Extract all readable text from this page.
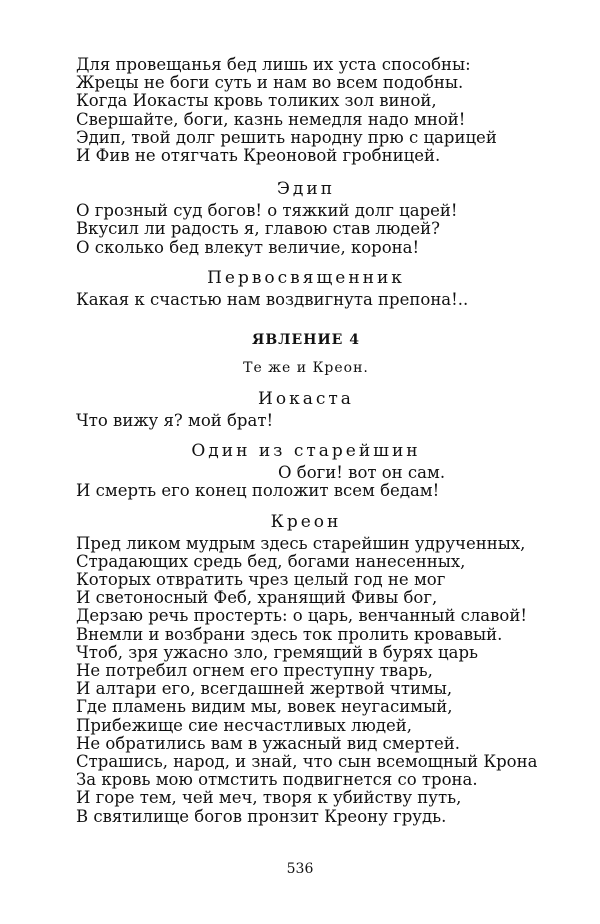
Для провещанья бед лишь их уста способны:
Жрецы не боги суть и нам во всем подобны.
Когда Иокасты кровь толиких зол виной,
Свершайте, боги, казнь немедля надо мной!
Эдип, твой долг решить народну прю с царицей
И Фив не отягчать Креоновой гробницей.
Эдип
О грозный суд богов! о тяжкий долг царей!
Вкусил ли радость я, главою став людей?
О сколько бед влекут величие, корона!
Первосвященник
Какая к счастью нам воздвигнута препона!..
ЯВЛЕНИЕ 4
Те же и Креон.
Иокаста
Что вижу я? мой брат!
Один из старейшин
О боги! вот он сам.
И смерть его конец положит всем бедам!
Креон
Пред ликом мудрым здесь старейшин удрученных,
Страдающих средь бед, богами нанесенных,
Которых отвратить чрез целый год не мог
И светоносный Феб, хранящий Фивы бог,
Дерзаю речь простерть: о царь, венчанный славой!
Внемли и возбрани здесь ток пролить кровавый.
Чтоб, зря ужасно зло, гремящий в бурях царь
Не потребил огнем его преступну тварь,
И алтари его, всегдашней жертвой чтимы,
Где пламень видим мы, вовек неугасимый,
Прибежище сие несчастливых людей,
Не обратились вам в ужасный вид смертей.
Страшись, народ, и знай, что сын всемощный Крона
За кровь мою отмстить подвигнется со трона.
И горе тем, чей меч, творя к убийству путь,
В святилище богов пронзит Креону грудь.
536
